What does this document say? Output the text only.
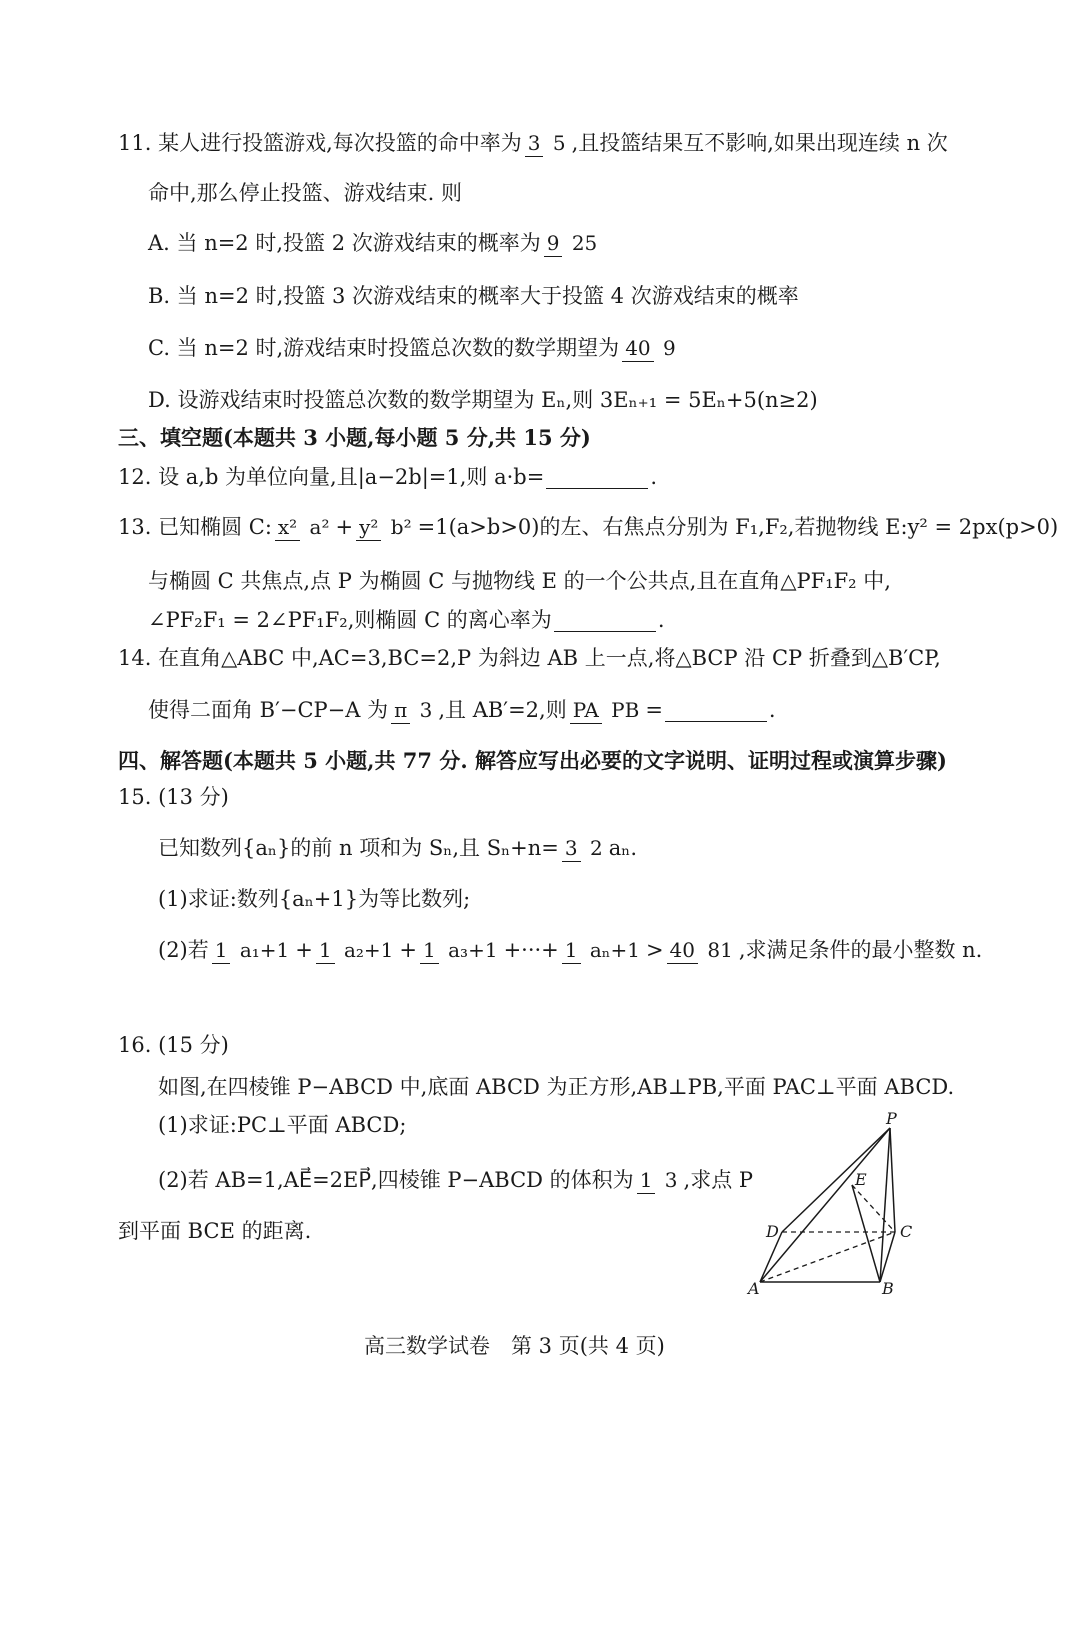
11. 某人进行投篮游戏,每次投篮的命中率为 3 5 ,且投篮结果互不影响,如果出现连续 n 次
命中,那么停止投篮、游戏结束. 则
A. 当 n=2 时,投篮 2 次游戏结束的概率为 9 25
B. 当 n=2 时,投篮 3 次游戏结束的概率大于投篮 4 次游戏结束的概率
C. 当 n=2 时,游戏结束时投篮总次数的数学期望为 40 9
D. 设游戏结束时投篮总次数的数学期望为 Eₙ,则 3Eₙ₊₁ = 5Eₙ+5(n≥2)
三、填空题(本题共 3 小题,每小题 5 分,共 15 分)
12. 设 a,b 为单位向量,且|a−2b|=1,则 a·b=	.
13. 已知椭圆 C: x² a² + y² b² =1(a>b>0)的左、右焦点分别为 F₁,F₂,若抛物线 E:y² = 2px(p>0)
与椭圆 C 共焦点,点 P 为椭圆 C 与抛物线 E 的一个公共点,且在直角△PF₁F₂ 中,
∠PF₂F₁ = 2∠PF₁F₂,则椭圆 C 的离心率为	.
14. 在直角△ABC 中,AC=3,BC=2,P 为斜边 AB 上一点,将△BCP 沿 CP 折叠到△B′CP,
使得二面角 B′−CP−A 为 π 3 ,且 AB′=2,则 PA PB =	.
四、解答题(本题共 5 小题,共 77 分. 解答应写出必要的文字说明、证明过程或演算步骤)
15. (13 分)
已知数列{aₙ}的前 n 项和为 Sₙ,且 Sₙ+n= 3 2 aₙ.
(1)求证:数列{aₙ+1}为等比数列;
(2)若 1 a₁+1 + 1 a₂+1 + 1 a₃+1 +···+ 1 aₙ+1 > 40 81 ,求满足条件的最小整数 n.
16. (15 分)
如图,在四棱锥 P−ABCD 中,底面 ABCD 为正方形,AB⊥PB,平面 PAC⊥平面 ABCD.
(1)求证:PC⊥平面 ABCD;
(2)若 AB=1,AE⃗=2EP⃗,四棱锥 P−ABCD 的体积为 1 3 ,求点 P
到平面 BCE 的距离.
P
E
D	C
A	B
高三数学试卷　第 3 页(共 4 页)
